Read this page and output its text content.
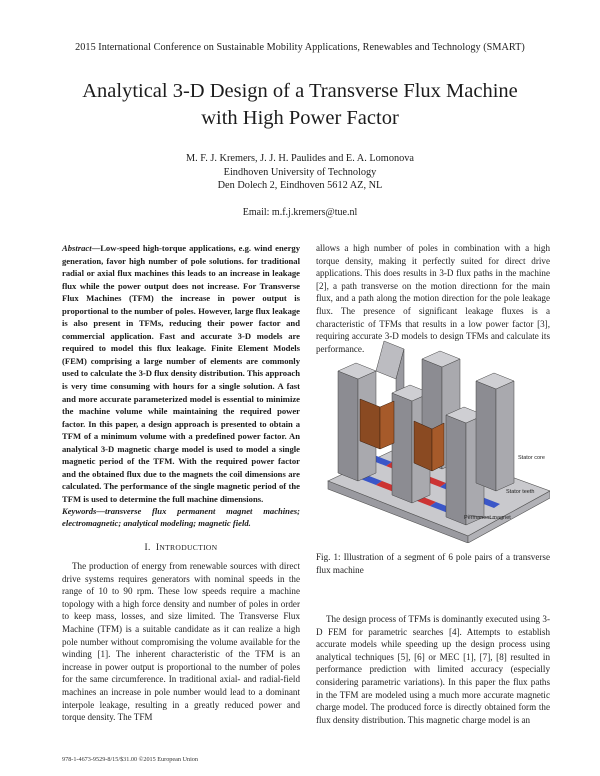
2015 International Conference on Sustainable Mobility Applications, Renewables and Technology (SMART)
Analytical 3-D Design of a Transverse Flux Machine
with High Power Factor
M. F. J. Kremers, J. J. H. Paulides and E. A. Lomonova
Eindhoven University of Technology
Den Dolech 2, Eindhoven 5612 AZ, NL
Email: m.f.j.kremers@tue.nl
Abstract—Low-speed high-torque applications, e.g. wind energy generation, favor high number of pole solutions. for traditional radial or axial flux machines this leads to an increase in leakage flux while the power output does not increase. For Transverse Flux Machines (TFM) the increase in power output is proportional to the number of poles. However, large flux leakage is also present in TFMs, reducing their power factor and commercial application. Fast and accurate 3-D models are required to model this flux leakage. Finite Element Models (FEM) comprising a large number of elements are commonly used to calculate the 3-D flux density distribution. This approach is very time consuming with hours for a single solution. A fast and more accurate parameterized model is essential to minimize the machine volume while maintaining the required power factor. In this paper, a design approach is presented to obtain a TFM of a minimum volume with a predefined power factor. An analytical 3-D magnetic charge model is used to model a single magnetic period of the TFM. With the required power factor and the obtained flux due to the magnets the coil dimensions are calculated. The performance of the single magnetic period of the TFM is used to determine the full machine dimensions.
Keywords—transverse flux permanent magnet machines; electromagnetic; analytical modeling; magnetic field.
I. INTRODUCTION

The production of energy from renewable sources with direct drive systems requires generators with nominal speeds in the range of 10 to 90 rpm. These low speeds require a machine topology with a high force density and number of poles in order to keep mass, losses, and size limited. The Transverse Flux Machine (TFM) is a suitable candidate as it can realize a high pole number without compromising the volume available for the winding [1]. The inherent characteristic of the TFM is an increase in power output is proportional to the number of poles for the same circumference. In traditional axial- and radial-field machines an increase in pole number would lead to a dominant interpole leakage, resulting in a greatly reduced power and torque density. The TFM

allows a high number of poles in combination with a high torque density, making it perfectly suited for direct drive applications. This does results in 3-D flux paths in the machine [2], a path transverse on the motion directionn for the main flux, and a path along the motion direction for the pole leakage flux. The presence of significant leakage fluxes is a characteristic of TFMs that results in a low power factor [3], requiring accurate 3-D models to design TFMs and calculate its performance.

Stator core
Stator teeth
Permanent magnet
Fig. 1: Illustration of a segment of 6 pole pairs of a transverse flux machine

The design process of TFMs is dominantly executed using 3-D FEM for parametric searches [4]. Attempts to establish accurate models while speeding up the design process using analytical techniques [5], [6] or MEC [1], [7], [8] resulted in performance prediction with limited accuracy (especially considering parametric variations). In this paper the flux paths in the TFM are modeled using a much more accurate magnetic charge model. The produced force is directly obtained form the flux density distribution. This magnetic charge model is an

978-1-4673-9529-8/15/$31.00 ©2015 European Union
